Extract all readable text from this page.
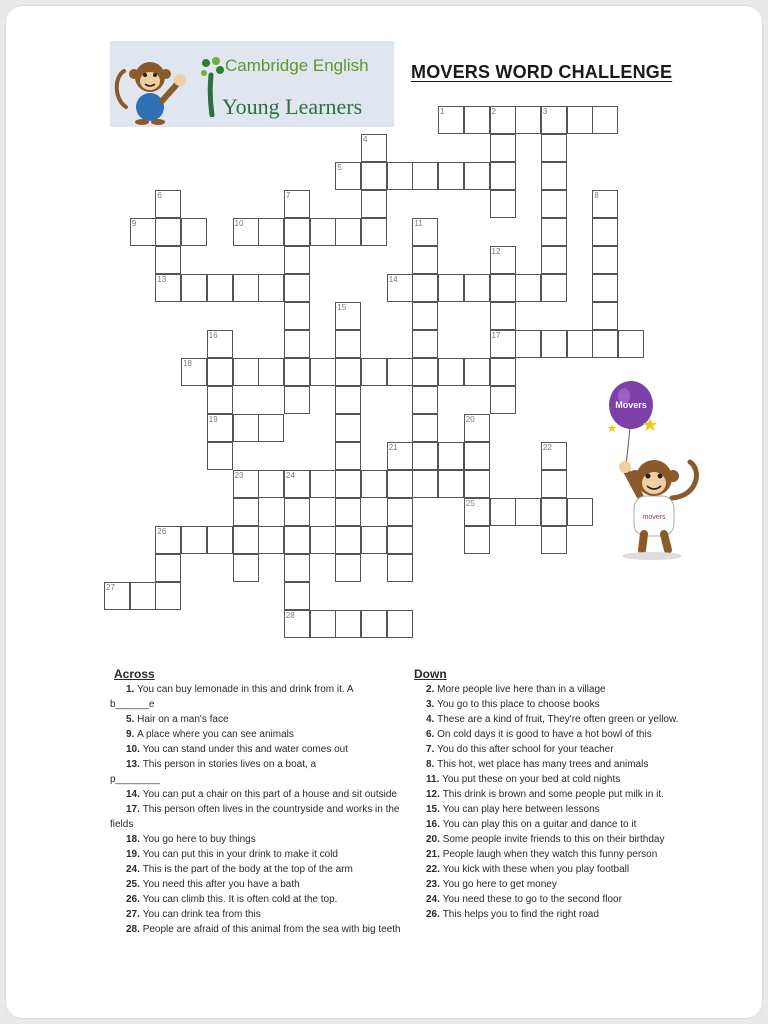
Cambridge English
Young Learners
MOVERS WORD CHALLENGE
1	2	3
4
5
6	7	8
9	10	11
12
13	14
15
16	17
18
19	20
21	22
23	24
25
26
27
28
Movers
movers
Across
1. You can buy lemonade in this and drink from it. A
b______e
5. Hair on a man's face
9. A place where you can see animals
10. You can stand under this and water comes out
13. This person in stories lives on a boat, a
p________
14. You can put a chair on this part of a house and sit outside
17. This person often lives in the countryside and works in the fields
18. You go here to buy things
19. You can put this in your drink to make it cold
24. This is the part of the body at the top of the arm
25. You need this after you have a bath
26. You can climb this. It is often cold at the top.
27. You can drink tea from this
28. People are afraid of this animal from the sea with big teeth
Down
2. More people live here than in a village
3. You go to this place to choose books
4. These are a kind of fruit, They're often green or yellow.
6. On cold days it is good to have a hot bowl of this
7. You do this after school for your teacher
8. This hot, wet place has many trees and animals
11. You put these on your bed at cold nights
12. This drink is brown and some people put milk in it.
15. You can play here between lessons
16. You can play this on a guitar and dance to it
20. Some people invite friends to this on their birthday
21. People laugh when they watch this funny person
22. You kick with these when you play football
23. You go here to get money
24. You need these to go to the second floor
26. This helps you to find the right road
